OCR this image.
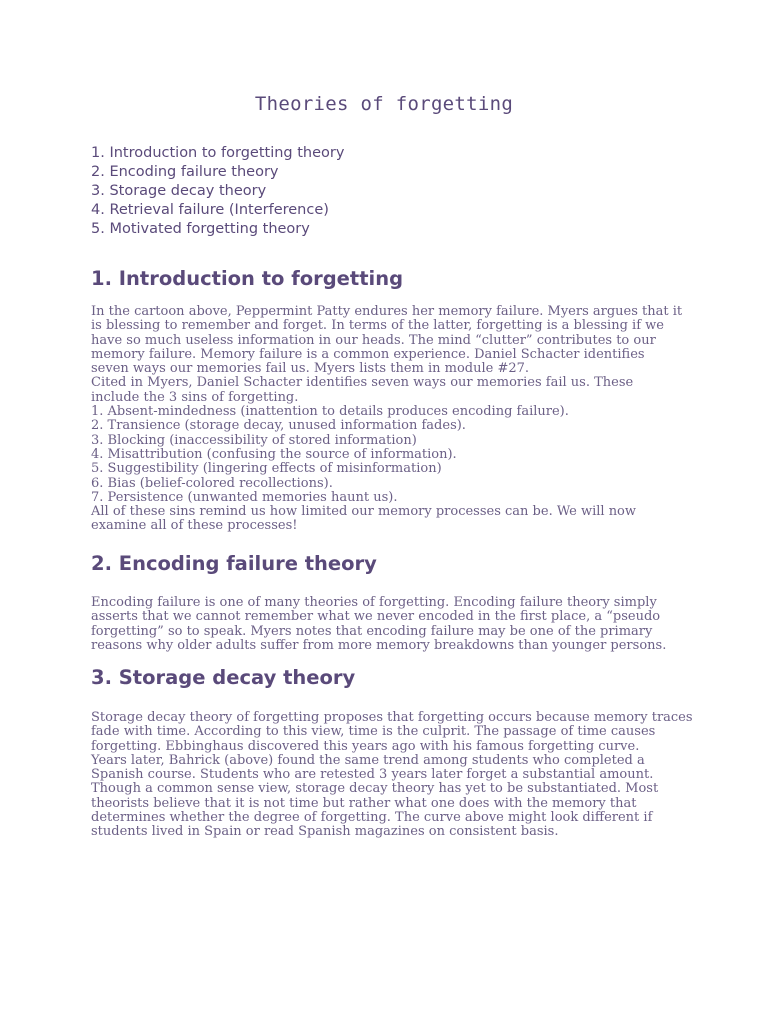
Theories of forgetting
1. Introduction to forgetting theory
2. Encoding failure theory
3. Storage decay theory
4. Retrieval failure (Interference)
5. Motivated forgetting theory
1. Introduction to forgetting
In the cartoon above, Peppermint Patty endures her memory failure. Myers argues that it
is blessing to remember and forget. In terms of the latter, forgetting is a blessing if we
have so much useless information in our heads. The mind “clutter” contributes to our
memory failure. Memory failure is a common experience. Daniel Schacter identifies
seven ways our memories fail us. Myers lists them in module #27.
Cited in Myers, Daniel Schacter identifies seven ways our memories fail us. These
include the 3 sins of forgetting.
1. Absent-mindedness (inattention to details produces encoding failure).
2. Transience (storage decay, unused information fades).
3. Blocking (inaccessibility of stored information)
4. Misattribution (confusing the source of information).
5. Suggestibility (lingering effects of misinformation)
6. Bias (belief-colored recollections).
7. Persistence (unwanted memories haunt us).
All of these sins remind us how limited our memory processes can be. We will now
examine all of these processes!
2. Encoding failure theory
Encoding failure is one of many theories of forgetting. Encoding failure theory simply
asserts that we cannot remember what we never encoded in the first place, a “pseudo
forgetting” so to speak. Myers notes that encoding failure may be one of the primary
reasons why older adults suffer from more memory breakdowns than younger persons.
3. Storage decay theory
Storage decay theory of forgetting proposes that forgetting occurs because memory traces
fade with time. According to this view, time is the culprit. The passage of time causes
forgetting. Ebbinghaus discovered this years ago with his famous forgetting curve.
Years later, Bahrick (above) found the same trend among students who completed a
Spanish course. Students who are retested 3 years later forget a substantial amount.
Though a common sense view, storage decay theory has yet to be substantiated. Most
theorists believe that it is not time but rather what one does with the memory that
determines whether the degree of forgetting. The curve above might look different if
students lived in Spain or read Spanish magazines on consistent basis.
